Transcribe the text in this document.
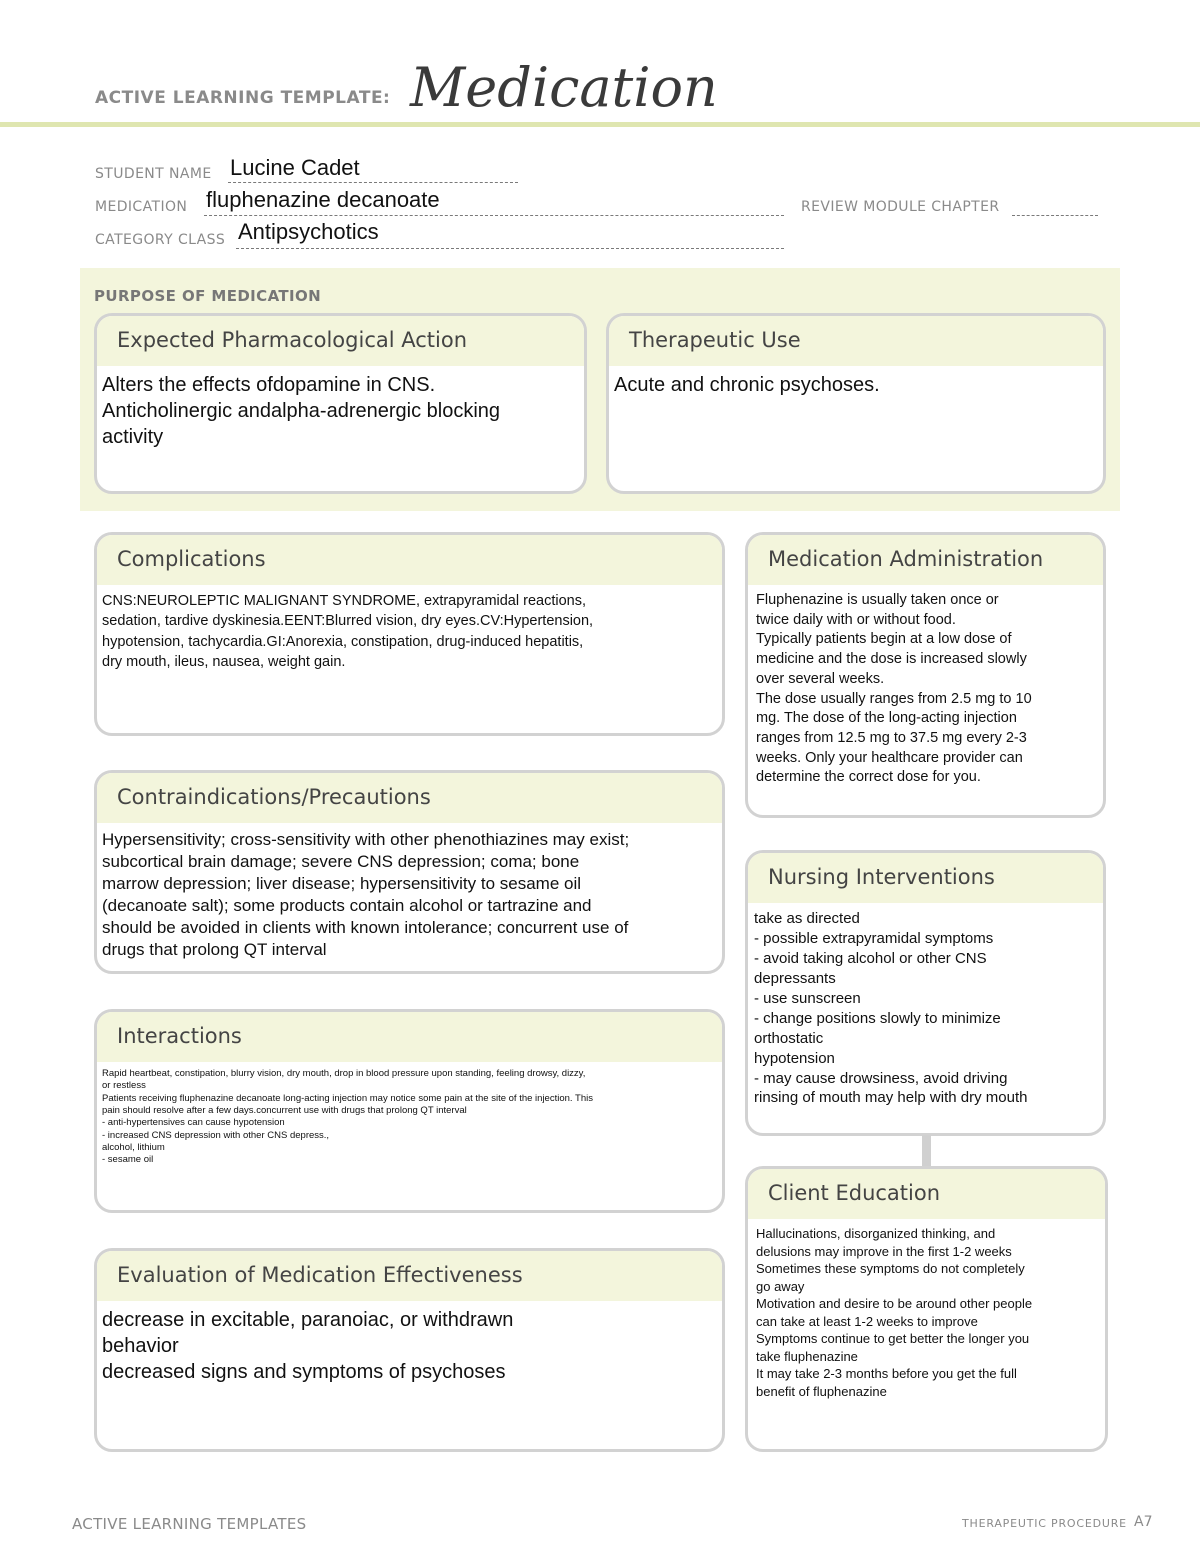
ACTIVE LEARNING TEMPLATE: Medication
STUDENT NAME Lucine Cadet
MEDICATION fluphenazine decanoate	REVIEW MODULE CHAPTER
CATEGORY CLASS Antipsychotics
PURPOSE OF MEDICATION
Expected Pharmacological Action
Alters the effects ofdopamine in CNS.
Anticholinergic andalpha-adrenergic blocking
activity
Therapeutic Use
Acute and chronic psychoses.
Complications
CNS:NEUROLEPTIC MALIGNANT SYNDROME, extrapyramidal reactions,
sedation, tardive dyskinesia.EENT:Blurred vision, dry eyes.CV:Hypertension,
hypotension, tachycardia.GI:Anorexia, constipation, drug-induced hepatitis,
dry mouth, ileus, nausea, weight gain.
Contraindications/Precautions
Hypersensitivity; cross-sensitivity with other phenothiazines may exist;
subcortical brain damage; severe CNS depression; coma; bone
marrow depression; liver disease; hypersensitivity to sesame oil
(decanoate salt); some products contain alcohol or tartrazine and
should be avoided in clients with known intolerance; concurrent use of
drugs that prolong QT interval
Interactions
Rapid heartbeat, constipation, blurry vision, dry mouth, drop in blood pressure upon standing, feeling drowsy, dizzy,
or restless
Patients receiving fluphenazine decanoate long-acting injection may notice some pain at the site of the injection. This
pain should resolve after a few days.concurrent use with drugs that prolong QT interval
- anti-hypertensives can cause hypotension
- increased CNS depression with other CNS depress.,
alcohol, lithium
- sesame oil
Evaluation of Medication Effectiveness
decrease in excitable, paranoiac, or withdrawn
behavior
decreased signs and symptoms of psychoses
Medication Administration
Fluphenazine is usually taken once or
twice daily with or without food.
Typically patients begin at a low dose of
medicine and the dose is increased slowly
over several weeks.
The dose usually ranges from 2.5 mg to 10
mg. The dose of the long-acting injection
ranges from 12.5 mg to 37.5 mg every 2-3
weeks. Only your healthcare provider can
determine the correct dose for you.
Nursing Interventions
take as directed
- possible extrapyramidal symptoms
- avoid taking alcohol or other CNS
depressants
- use sunscreen
- change positions slowly to minimize
orthostatic
hypotension
- may cause drowsiness, avoid driving
rinsing of mouth may help with dry mouth
Client Education
Hallucinations, disorganized thinking, and
delusions may improve in the first 1-2 weeks
Sometimes these symptoms do not completely
go away
Motivation and desire to be around other people
can take at least 1-2 weeks to improve
Symptoms continue to get better the longer you
take fluphenazine
It may take 2-3 months before you get the full
benefit of fluphenazine
ACTIVE LEARNING TEMPLATES	THERAPEUTIC PROCEDURE A7
